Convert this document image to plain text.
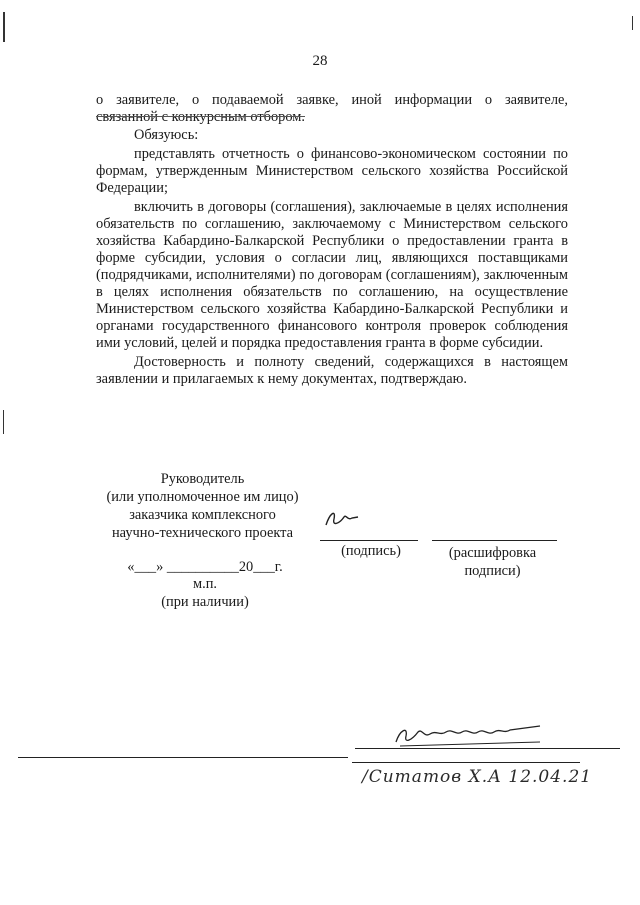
28

о заявителе, о подаваемой заявке, иной информации о заявителе,

связанной с конкурсным отбором.

Обязуюсь:

представлять отчетность о финансово-экономическом состоянии по формам, утвержденным Министерством сельского хозяйства Российской Федерации;

включить в договоры (соглашения), заключаемые в целях исполнения обязательств по соглашению, заключаемому с Министерством сельского хозяйства Кабардино-Балкарской Республики о предоставлении гранта в форме субсидии, условия о согласии лиц, являющихся поставщиками (подрядчиками, исполнителями) по договорам (соглашениям), заключенным в целях исполнения обязательств по соглашению, на осуществление Министерством сельского хозяйства Кабардино-Балкарской Республики и органами государственного финансового контроля проверок соблюдения ими условий, целей и порядка предоставления гранта в форме субсидии.

Достоверность и полноту сведений, содержащихся в настоящем заявлении и прилагаемых к нему документах, подтверждаю.

Руководитель
(или уполномоченное им лицо)
заказчика комплексного
научно-технического проекта
«___» __________20___г.
м.п.
(при наличии)
(подпись)	(расшифровка
подписи)
/Ситатов Х.А 12.04.21
